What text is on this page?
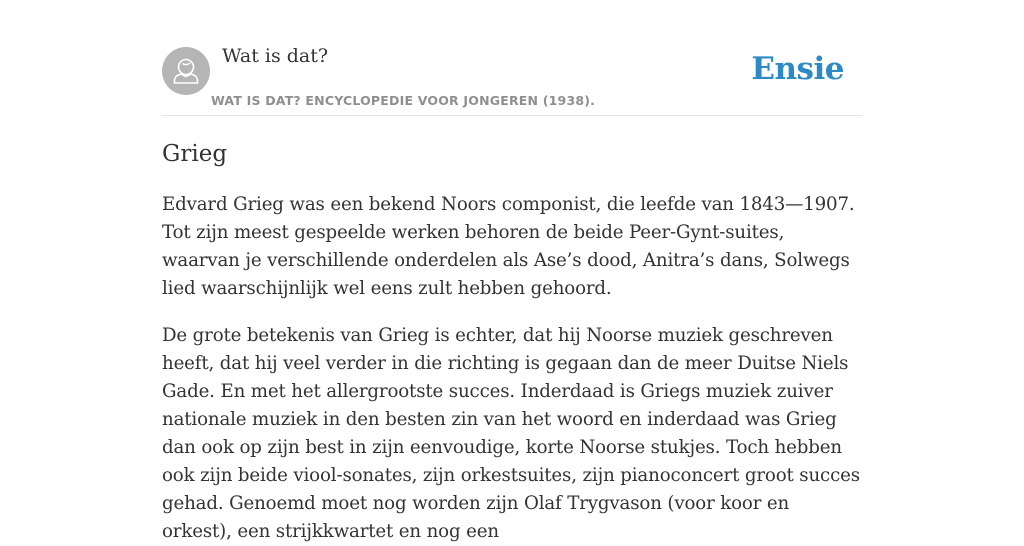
Wat is dat?
WAT IS DAT? ENCYCLOPEDIE VOOR JONGEREN (1938).
Ensie
Grieg

Edvard Grieg was een bekend Noors componist, die leefde van 1843—1907. Tot zijn meest gespeelde werken behoren de beide Peer-Gynt-suites, waarvan je verschillende onderdelen als Ase’s dood, Anitra’s dans, Solwegs lied waarschijnlijk wel eens zult hebben gehoord.

De grote betekenis van Grieg is echter, dat hij Noorse muziek geschreven heeft, dat hij veel verder in die richting is gegaan dan de meer Duitse Niels Gade. En met het allergrootste succes. Inderdaad is Griegs muziek zuiver nationale muziek in den besten zin van het woord en inderdaad was Grieg dan ook op zijn best in zijn eenvoudige, korte Noorse stukjes. Toch hebben ook zijn beide viool-sonates, zijn orkestsuites, zijn pianoconcert groot succes gehad. Genoemd moet nog worden zijn Olaf Trygvason (voor koor en orkest), een strijkkwartet en nog een
